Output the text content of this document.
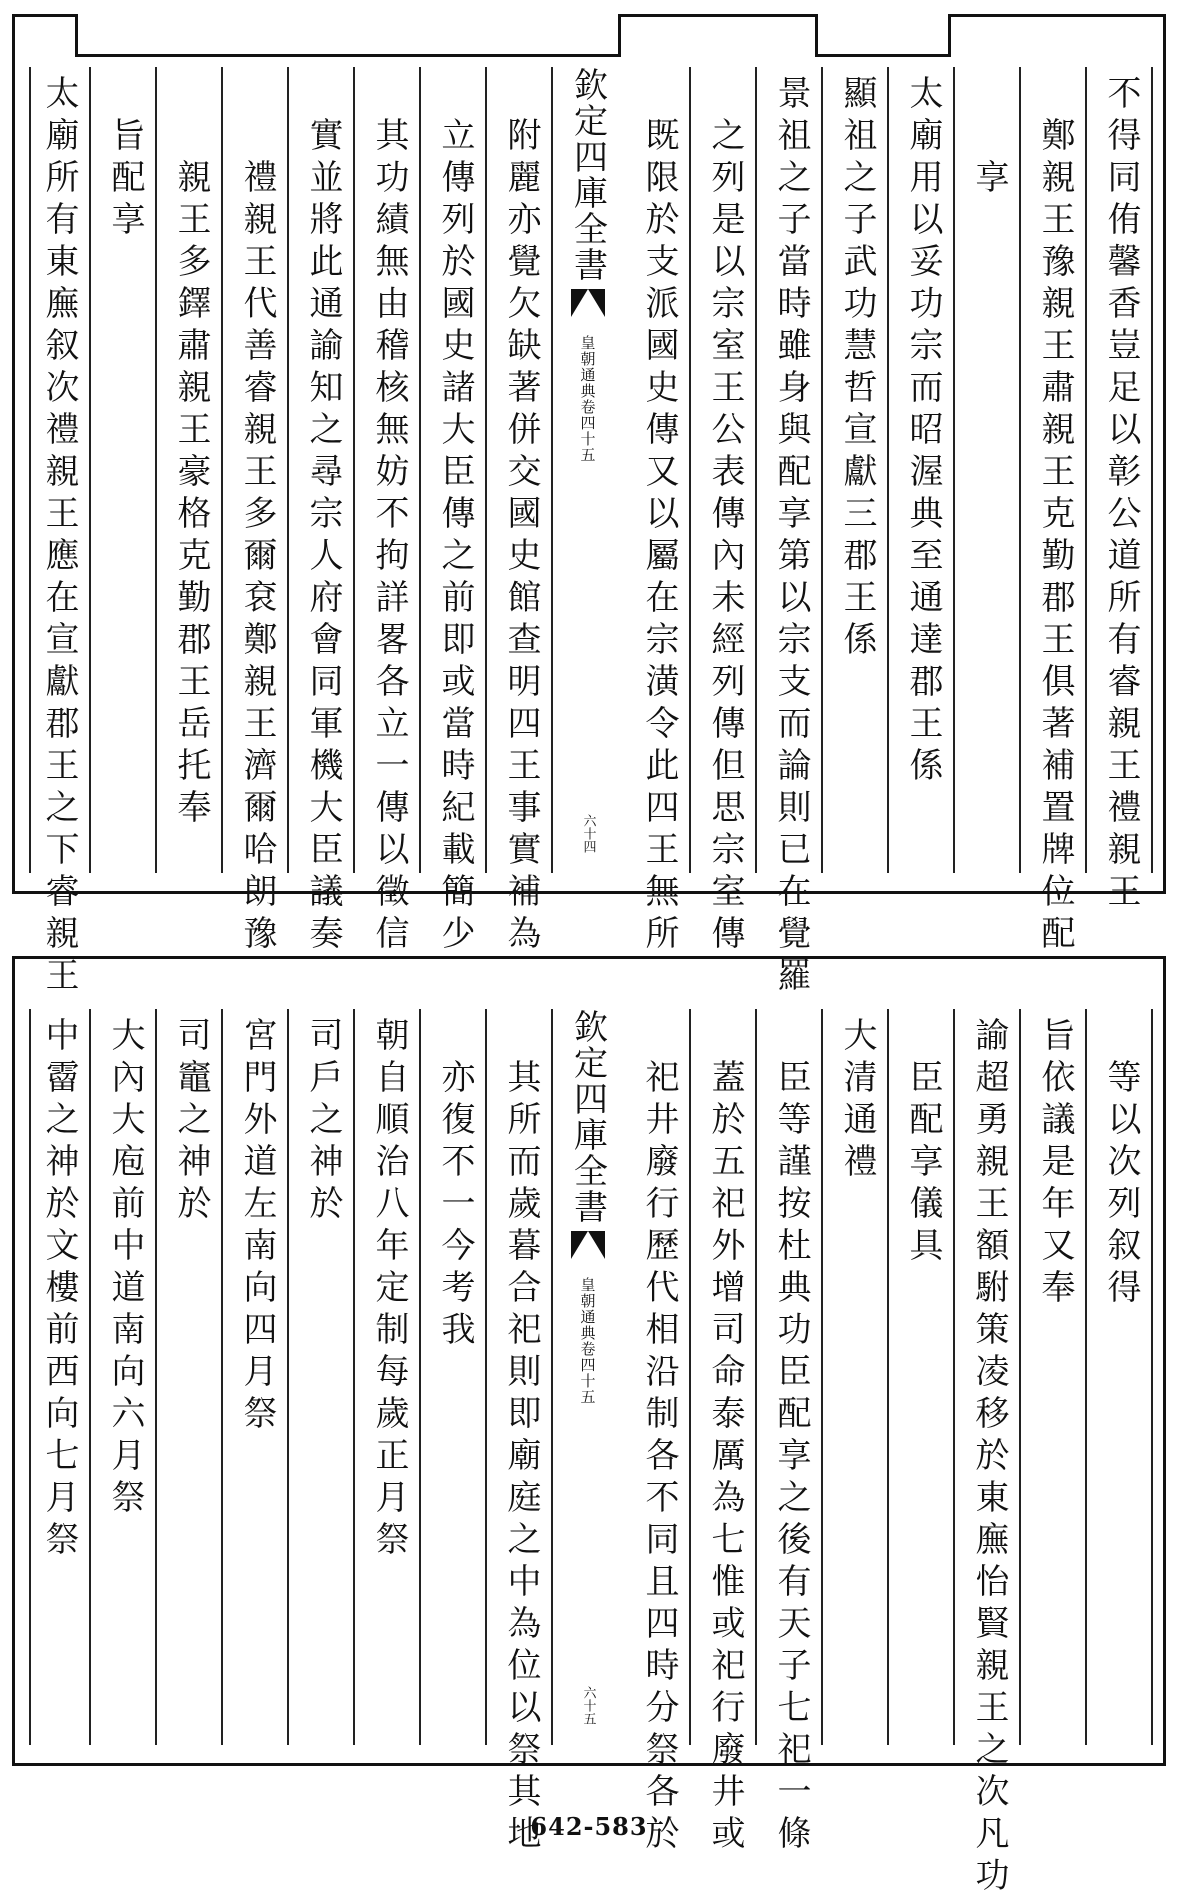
不得同侑馨香豈足以彰公道所有睿親王禮親王
鄭親王豫親王肅親王克勤郡王俱著補置牌位配
享
太廟用以妥功宗而昭渥典至通達郡王係
顯祖之子武功慧哲宣獻三郡王係
景祖之子當時雖身與配享第以宗支而論則已在覺羅
之列是以宗室王公表傳內未經列傳但思宗室傳
既限於支派國史傳又以屬在宗潢令此四王無所
附麗亦覺欠缺著併交國史館查明四王事實補為
立傳列於國史諸大臣傳之前即或當時紀載簡少
其功績無由稽核無妨不拘詳畧各立一傳以徵信
實並將此通諭知之尋宗人府會同軍機大臣議奏
禮親王代善睿親王多爾袞鄭親王濟爾哈朗豫
親王多鐸肅親王豪格克勤郡王岳托奉
旨配享
太廟所有東廡叙次禮親王應在宣獻郡王之下睿親王	欽定四庫全書
皇朝通典
卷四十五
六十四
等以次列叙得
旨依議是年又奉
諭超勇親王額駙策凌移於東廡怡賢親王之次凡功
臣配享儀具
大清通禮
臣等謹按杜典功臣配享之後有天子七祀一條
蓋於五祀外增司命泰厲為七惟或祀行廢井或
祀井廢行歷代相沿制各不同且四時分祭各於
其所而歲暮合祀則即廟庭之中為位以祭其地
亦復不一今考我
朝自順治八年定制每歲正月祭
司戶之神於
宮門外道左南向四月祭
司竈之神於
大內大庖前中道南向六月祭
中霤之神於文樓前西向七月祭	欽定四庫全書
皇朝通典
卷四十五
六十五
642-583
